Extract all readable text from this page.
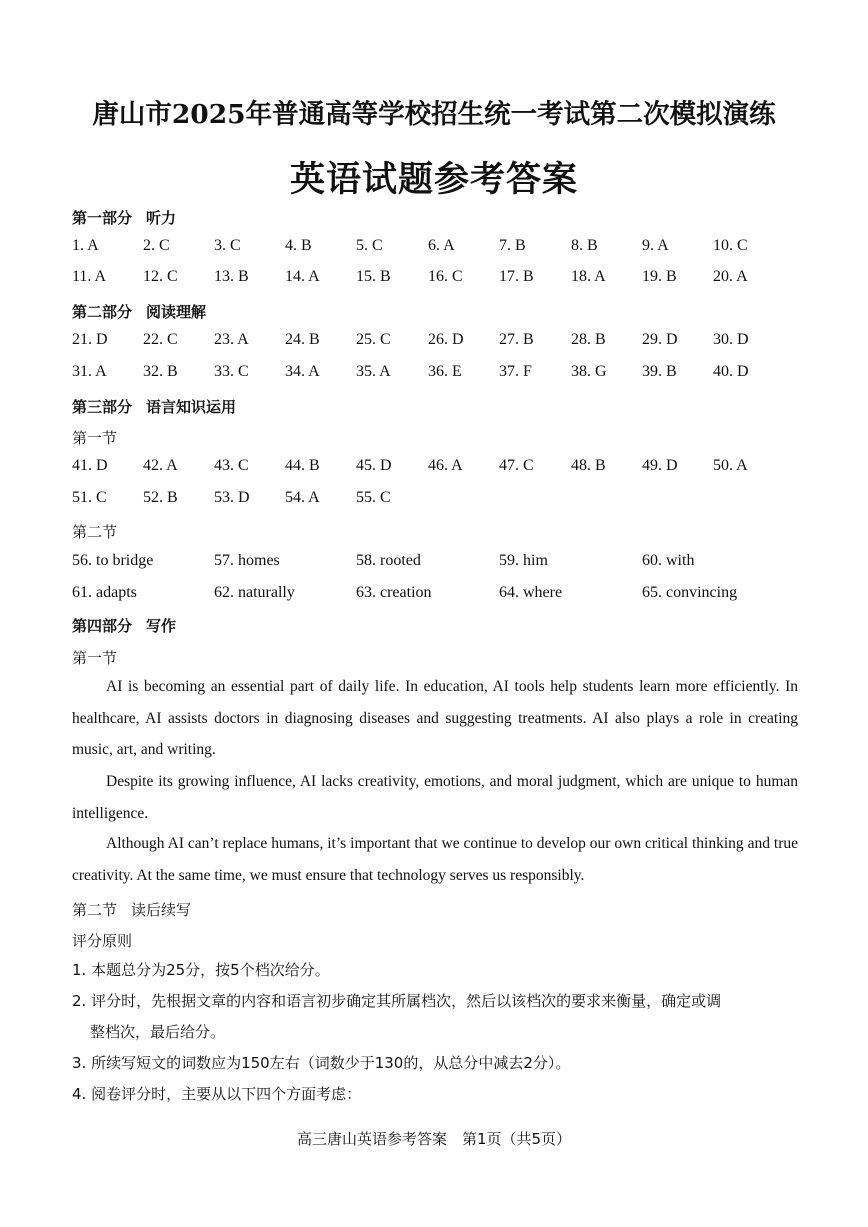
唐山市2025年普通高等学校招生统一考试第二次模拟演练
英语试题参考答案
第一部分 听力
1. A	2. C	3. C	4. B	5. C	6. A	7. B	8. B	9. A	10. C
11. A 12. C 13. B 14. A 15. B 16. C 17. B 18. A 19. B 20. A
第二部分 阅读理解
21. D 22. C 23. A 24. B 25. C 26. D 27. B 28. B 29. D 30. D
31. A 32. B 33. C 34. A 35. A 36. E 37. F 38. G 39. B 40. D
第三部分 语言知识运用
第一节
41. D 42. A 43. C 44. B 45. D 46. A 47. C 48. B 49. D 50. A
51. C 52. B 53. D 54. A 55. C
第二节
56. to bridge	57. homes	58. rooted	59. him	60. with
61. adapts	62. naturally	63. creation	64. where	65. convincing
第四部分 写作
第一节
AI is becoming an essential part of daily life. In education, AI tools help students learn more efficiently. In healthcare, AI assists doctors in diagnosing diseases and suggesting treatments. AI also plays a role in creating music, art, and writing.
Despite its growing influence, AI lacks creativity, emotions, and moral judgment, which are unique to human intelligence.
Although AI can’t replace humans, it’s important that we continue to develop our own critical thinking and true creativity. At the same time, we must ensure that technology serves us responsibly.
第二节 读后续写
评分原则
1. 本题总分为25分，按5个档次给分。
2. 评分时，先根据文章的内容和语言初步确定其所属档次，然后以该档次的要求来衡量，确定或调
整档次，最后给分。
3. 所续写短文的词数应为150左右（词数少于130的，从总分中减去2分）。
4. 阅卷评分时，主要从以下四个方面考虑：
高三唐山英语参考答案　第1页（共5页）
